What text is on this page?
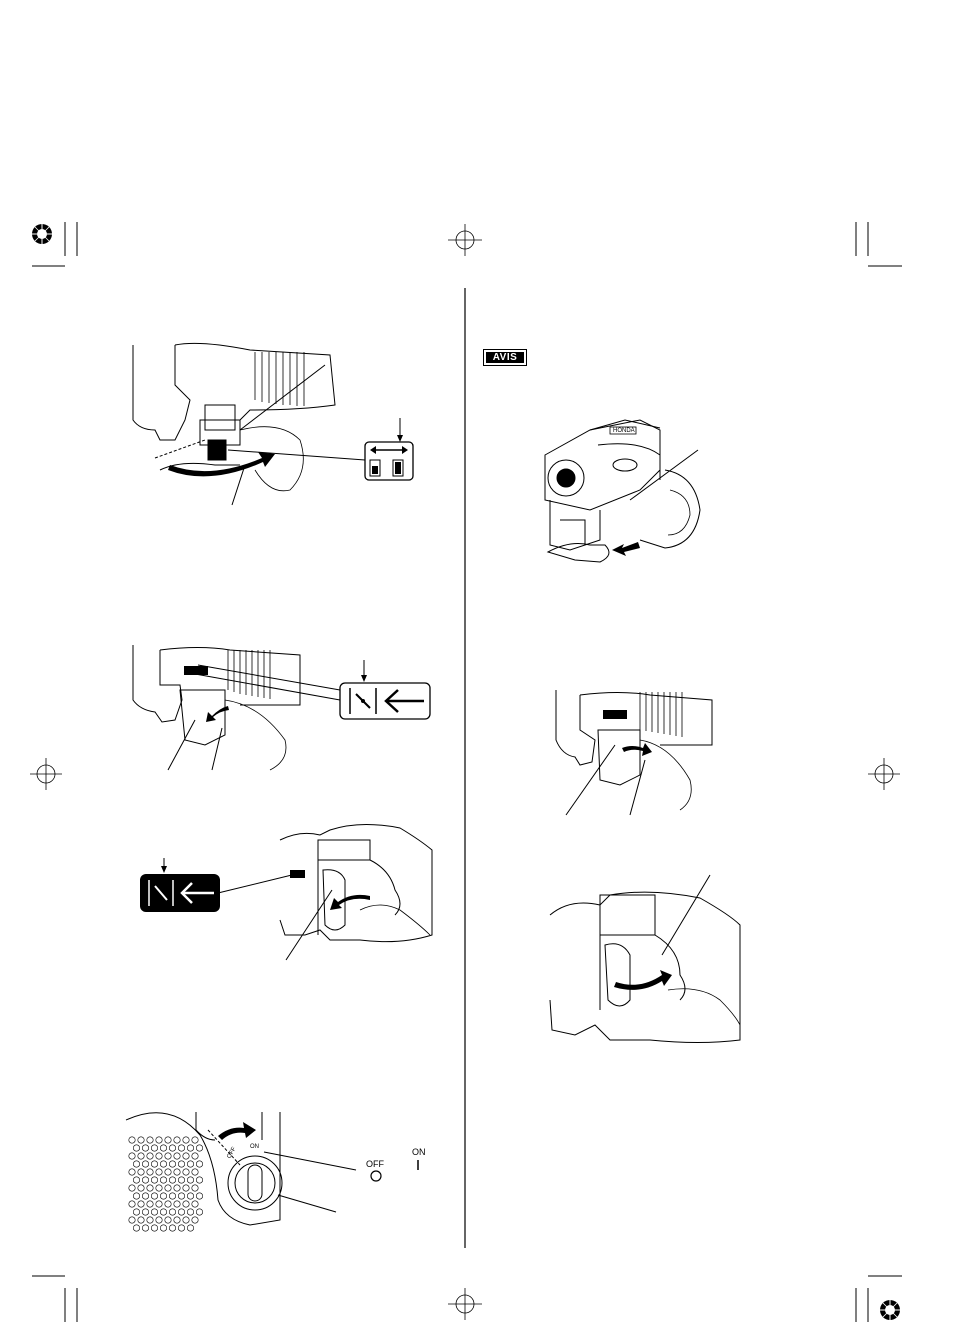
AVIS
HONDA
OFF ON
OFF
ON
